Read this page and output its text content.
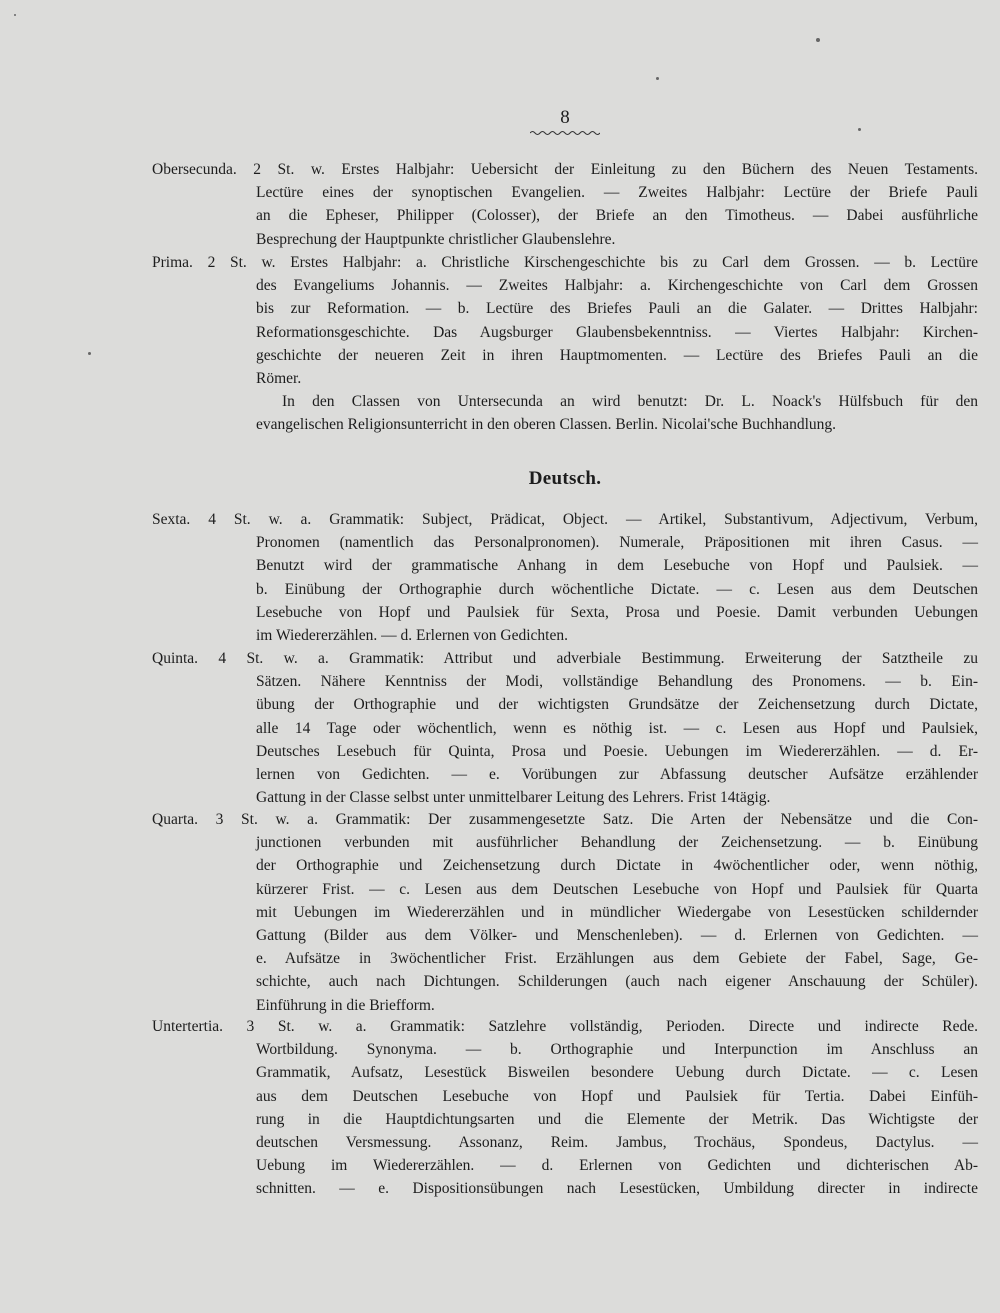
8
Obersecunda. 2 St. w. Erstes Halbjahr: Uebersicht der Einleitung zu den Büchern des Neuen Testaments.
Lectüre eines der synoptischen Evangelien. — Zweites Halbjahr: Lectüre der Briefe Pauli
an die Epheser, Philipper (Colosser), der Briefe an den Timotheus. — Dabei ausführliche
Besprechung der Hauptpunkte christlicher Glaubenslehre.
Prima. 2 St. w. Erstes Halbjahr: a. Christliche Kirschengeschichte bis zu Carl dem Grossen. — b. Lectüre
des Evangeliums Johannis. — Zweites Halbjahr: a. Kirchengeschichte von Carl dem Grossen
bis zur Reformation. — b. Lectüre des Briefes Pauli an die Galater. — Drittes Halbjahr:
Reformationsgeschichte. Das Augsburger Glaubensbekenntniss. — Viertes Halbjahr: Kirchen-
geschichte der neueren Zeit in ihren Hauptmomenten. — Lectüre des Briefes Pauli an die
Römer.
In den Classen von Untersecunda an wird benutzt: Dr. L. Noack's Hülfsbuch für den
evangelischen Religionsunterricht in den oberen Classen. Berlin. Nicolai'sche Buchhandlung.
Deutsch.
Sexta. 4 St. w. a. Grammatik: Subject, Prädicat, Object. — Artikel, Substantivum, Adjectivum, Verbum,
Pronomen (namentlich das Personalpronomen). Numerale, Präpositionen mit ihren Casus. —
Benutzt wird der grammatische Anhang in dem Lesebuche von Hopf und Paulsiek. —
b. Einübung der Orthographie durch wöchentliche Dictate. — c. Lesen aus dem Deutschen
Lesebuche von Hopf und Paulsiek für Sexta, Prosa und Poesie. Damit verbunden Uebungen
im Wiedererzählen. — d. Erlernen von Gedichten.
Quinta. 4 St. w. a. Grammatik: Attribut und adverbiale Bestimmung. Erweiterung der Satztheile zu
Sätzen. Nähere Kenntniss der Modi, vollständige Behandlung des Pronomens. — b. Ein-
übung der Orthographie und der wichtigsten Grundsätze der Zeichensetzung durch Dictate,
alle 14 Tage oder wöchentlich, wenn es nöthig ist. — c. Lesen aus Hopf und Paulsiek,
Deutsches Lesebuch für Quinta, Prosa und Poesie. Uebungen im Wiedererzählen. — d. Er-
lernen von Gedichten. — e. Vorübungen zur Abfassung deutscher Aufsätze erzählender
Gattung in der Classe selbst unter unmittelbarer Leitung des Lehrers. Frist 14tägig.
Quarta. 3 St. w. a. Grammatik: Der zusammengesetzte Satz. Die Arten der Nebensätze und die Con-
junctionen verbunden mit ausführlicher Behandlung der Zeichensetzung. — b. Einübung
der Orthographie und Zeichensetzung durch Dictate in 4wöchentlicher oder, wenn nöthig,
kürzerer Frist. — c. Lesen aus dem Deutschen Lesebuche von Hopf und Paulsiek für Quarta
mit Uebungen im Wiedererzählen und in mündlicher Wiedergabe von Lesestücken schildernder
Gattung (Bilder aus dem Völker- und Menschenleben). — d. Erlernen von Gedichten. —
e. Aufsätze in 3wöchentlicher Frist. Erzählungen aus dem Gebiete der Fabel, Sage, Ge-
schichte, auch nach Dichtungen. Schilderungen (auch nach eigener Anschauung der Schüler).
Einführung in die Briefform.
Untertertia. 3 St. w. a. Grammatik: Satzlehre vollständig, Perioden. Directe und indirecte Rede.
Wortbildung. Synonyma. — b. Orthographie und Interpunction im Anschluss an
Grammatik, Aufsatz, Lesestück Bisweilen besondere Uebung durch Dictate. — c. Lesen
aus dem Deutschen Lesebuche von Hopf und Paulsiek für Tertia. Dabei Einfüh-
rung in die Hauptdichtungsarten und die Elemente der Metrik. Das Wichtigste der
deutschen Versmessung. Assonanz, Reim. Jambus, Trochäus, Spondeus, Dactylus. —
Uebung im Wiedererzählen. — d. Erlernen von Gedichten und dichterischen Ab-
schnitten. — e. Dispositionsübungen nach Lesestücken, Umbildung directer in indirecte
